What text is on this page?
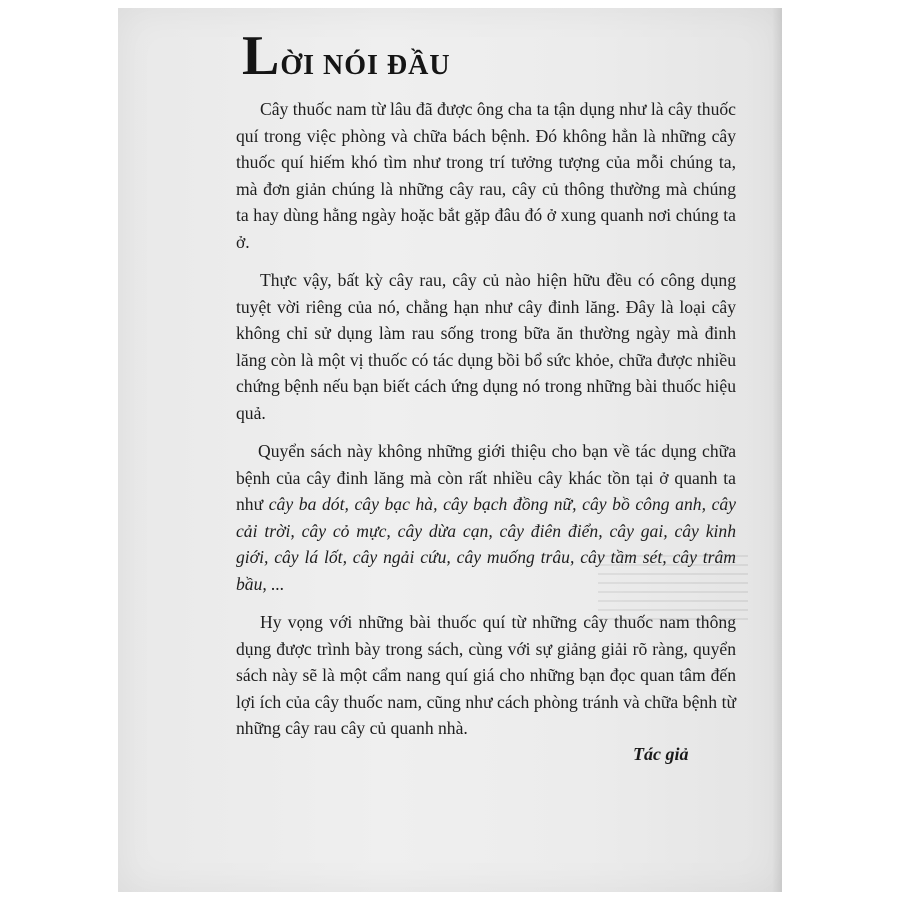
LỜI NÓI ĐẦU

Cây thuốc nam từ lâu đã được ông cha ta tận dụng như là cây thuốc quí trong việc phòng và chữa bách bệnh. Đó không hẳn là những cây thuốc quí hiếm khó tìm như trong trí tưởng tượng của mỗi chúng ta, mà đơn giản chúng là những cây rau, cây củ thông thường mà chúng ta hay dùng hằng ngày hoặc bắt gặp đâu đó ở xung quanh nơi chúng ta ở.

Thực vậy, bất kỳ cây rau, cây củ nào hiện hữu đều có công dụng tuyệt vời riêng của nó, chẳng hạn như cây đinh lăng. Đây là loại cây không chỉ sử dụng làm rau sống trong bữa ăn thường ngày mà đinh lăng còn là một vị thuốc có tác dụng bồi bổ sức khỏe, chữa được nhiều chứng bệnh nếu bạn biết cách ứng dụng nó trong những bài thuốc hiệu quả.

Quyển sách này không những giới thiệu cho bạn về tác dụng chữa bệnh của cây đinh lăng mà còn rất nhiều cây khác tồn tại ở quanh ta như cây ba dót, cây bạc hà, cây bạch đồng nữ, cây bồ công anh, cây cải trời, cây cỏ mực, cây dừa cạn, cây điên điển, cây gai, cây kinh giới, cây lá lốt, cây ngải cứu, cây muống trâu, cây tầm sét, cây trâm bầu, ...

Hy vọng với những bài thuốc quí từ những cây thuốc nam thông dụng được trình bày trong sách, cùng với sự giảng giải rõ ràng, quyển sách này sẽ là một cẩm nang quí giá cho những bạn đọc quan tâm đến lợi ích của cây thuốc nam, cũng như cách phòng tránh và chữa bệnh từ những cây rau cây củ quanh nhà.

Tác giả
